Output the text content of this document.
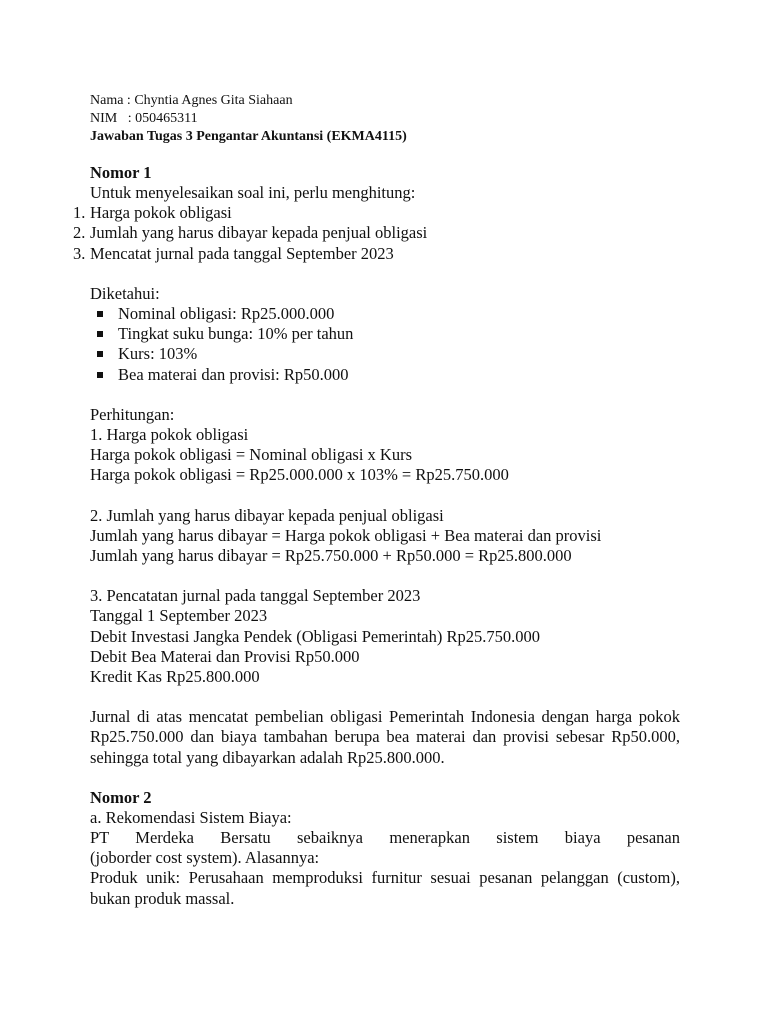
Nama : Chyntia Agnes Gita Siahaan
NIM   : 050465311
Jawaban Tugas 3 Pengantar Akuntansi (EKMA4115)
Nomor 1
Untuk menyelesaikan soal ini, perlu menghitung:
1. Harga pokok obligasi
2. Jumlah yang harus dibayar kepada penjual obligasi
3. Mencatat jurnal pada tanggal September 2023
Diketahui:
Nominal obligasi: Rp25.000.000
Tingkat suku bunga: 10% per tahun
Kurs: 103%
Bea materai dan provisi: Rp50.000
Perhitungan:
1. Harga pokok obligasi
Harga pokok obligasi = Nominal obligasi x Kurs
Harga pokok obligasi = Rp25.000.000 x 103% = Rp25.750.000
2. Jumlah yang harus dibayar kepada penjual obligasi
Jumlah yang harus dibayar = Harga pokok obligasi + Bea materai dan provisi
Jumlah yang harus dibayar = Rp25.750.000 + Rp50.000 = Rp25.800.000
3. Pencatatan jurnal pada tanggal September 2023
Tanggal 1 September 2023
Debit Investasi Jangka Pendek (Obligasi Pemerintah) Rp25.750.000
Debit Bea Materai dan Provisi Rp50.000
Kredit Kas Rp25.800.000
Jurnal di atas mencatat pembelian obligasi Pemerintah Indonesia dengan harga pokok Rp25.750.000 dan biaya tambahan berupa bea materai dan provisi sebesar Rp50.000, sehingga total yang dibayarkan adalah Rp25.800.000.
Nomor 2
a. Rekomendasi Sistem Biaya:
PT Merdeka Bersatu sebaiknya menerapkan sistem biaya pesanan
(joborder cost system). Alasannya:
Produk unik: Perusahaan memproduksi furnitur sesuai pesanan pelanggan (custom), bukan produk massal.
